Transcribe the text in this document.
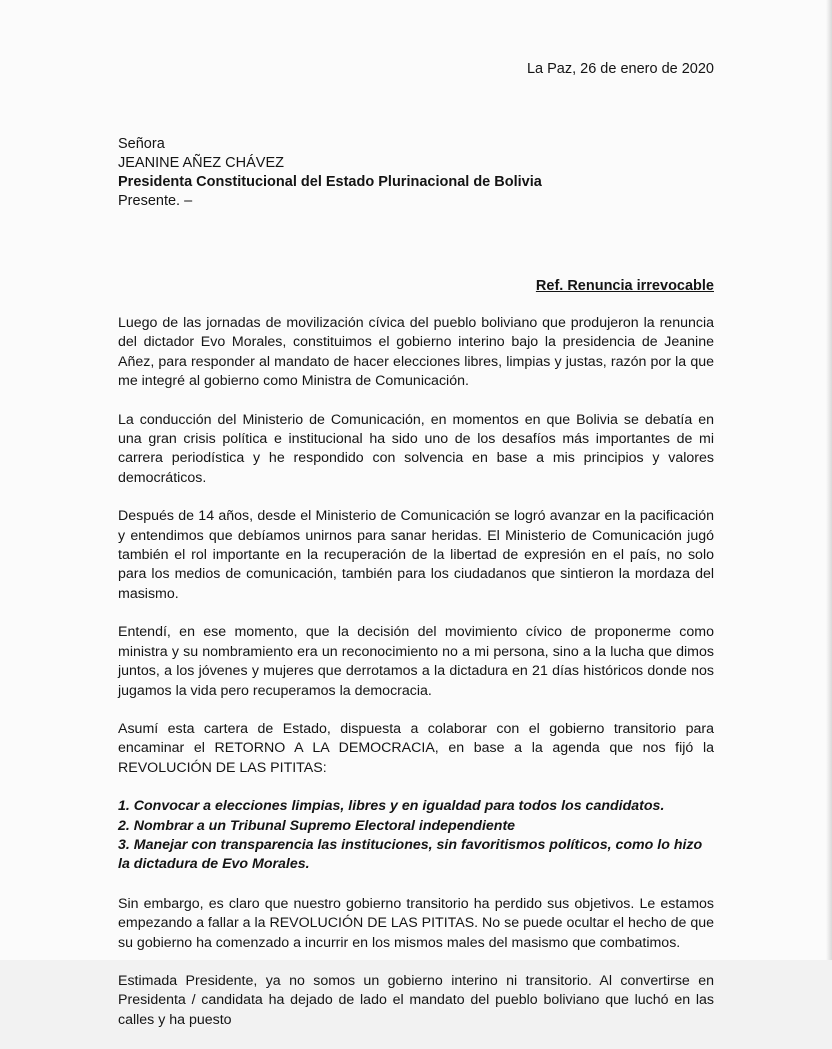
La Paz, 26 de enero de 2020
Señora
JEANINE AÑEZ CHÁVEZ
Presidenta Constitucional del Estado Plurinacional de Bolivia
Presente. –
Ref. Renuncia irrevocable

Luego de las jornadas de movilización cívica del pueblo boliviano que produjeron la renuncia del dictador Evo Morales, constituimos el gobierno interino bajo la presidencia de Jeanine Añez, para responder al mandato de hacer elecciones libres, limpias y justas, razón por la que me integré al gobierno como Ministra de Comunicación.

La conducción del Ministerio de Comunicación, en momentos en que Bolivia se debatía en una gran crisis política e institucional ha sido uno de los desafíos más importantes de mi carrera periodística y he respondido con solvencia en base a mis principios y valores democráticos.

Después de 14 años, desde el Ministerio de Comunicación se logró avanzar en la pacificación y entendimos que debíamos unirnos para sanar heridas. El Ministerio de Comunicación jugó también el rol importante en la recuperación de la libertad de expresión en el país, no solo para los medios de comunicación, también para los ciudadanos que sintieron la mordaza del masismo.

Entendí, en ese momento, que la decisión del movimiento cívico de proponerme como ministra y su nombramiento era un reconocimiento no a mi persona, sino a la lucha que dimos juntos, a los jóvenes y mujeres que derrotamos a la dictadura en 21 días históricos donde nos jugamos la vida pero recuperamos la democracia.

Asumí esta cartera de Estado, dispuesta a colaborar con el gobierno transitorio para encaminar el RETORNO A LA DEMOCRACIA, en base a la agenda que nos fijó la REVOLUCIÓN DE LAS PITITAS:

1. Convocar a elecciones limpias, libres y en igualdad para todos los candidatos.
2. Nombrar a un Tribunal Supremo Electoral independiente
3. Manejar con transparencia las instituciones, sin favoritismos políticos, como lo hizo la dictadura de Evo Morales.

Sin embargo, es claro que nuestro gobierno transitorio ha perdido sus objetivos. Le estamos empezando a fallar a la REVOLUCIÓN DE LAS PITITAS. No se puede ocultar el hecho de que su gobierno ha comenzado a incurrir en los mismos males del masismo que combatimos.

Estimada Presidente, ya no somos un gobierno interino ni transitorio. Al convertirse en Presidenta / candidata ha dejado de lado el mandato del pueblo boliviano que luchó en las calles y ha puesto
